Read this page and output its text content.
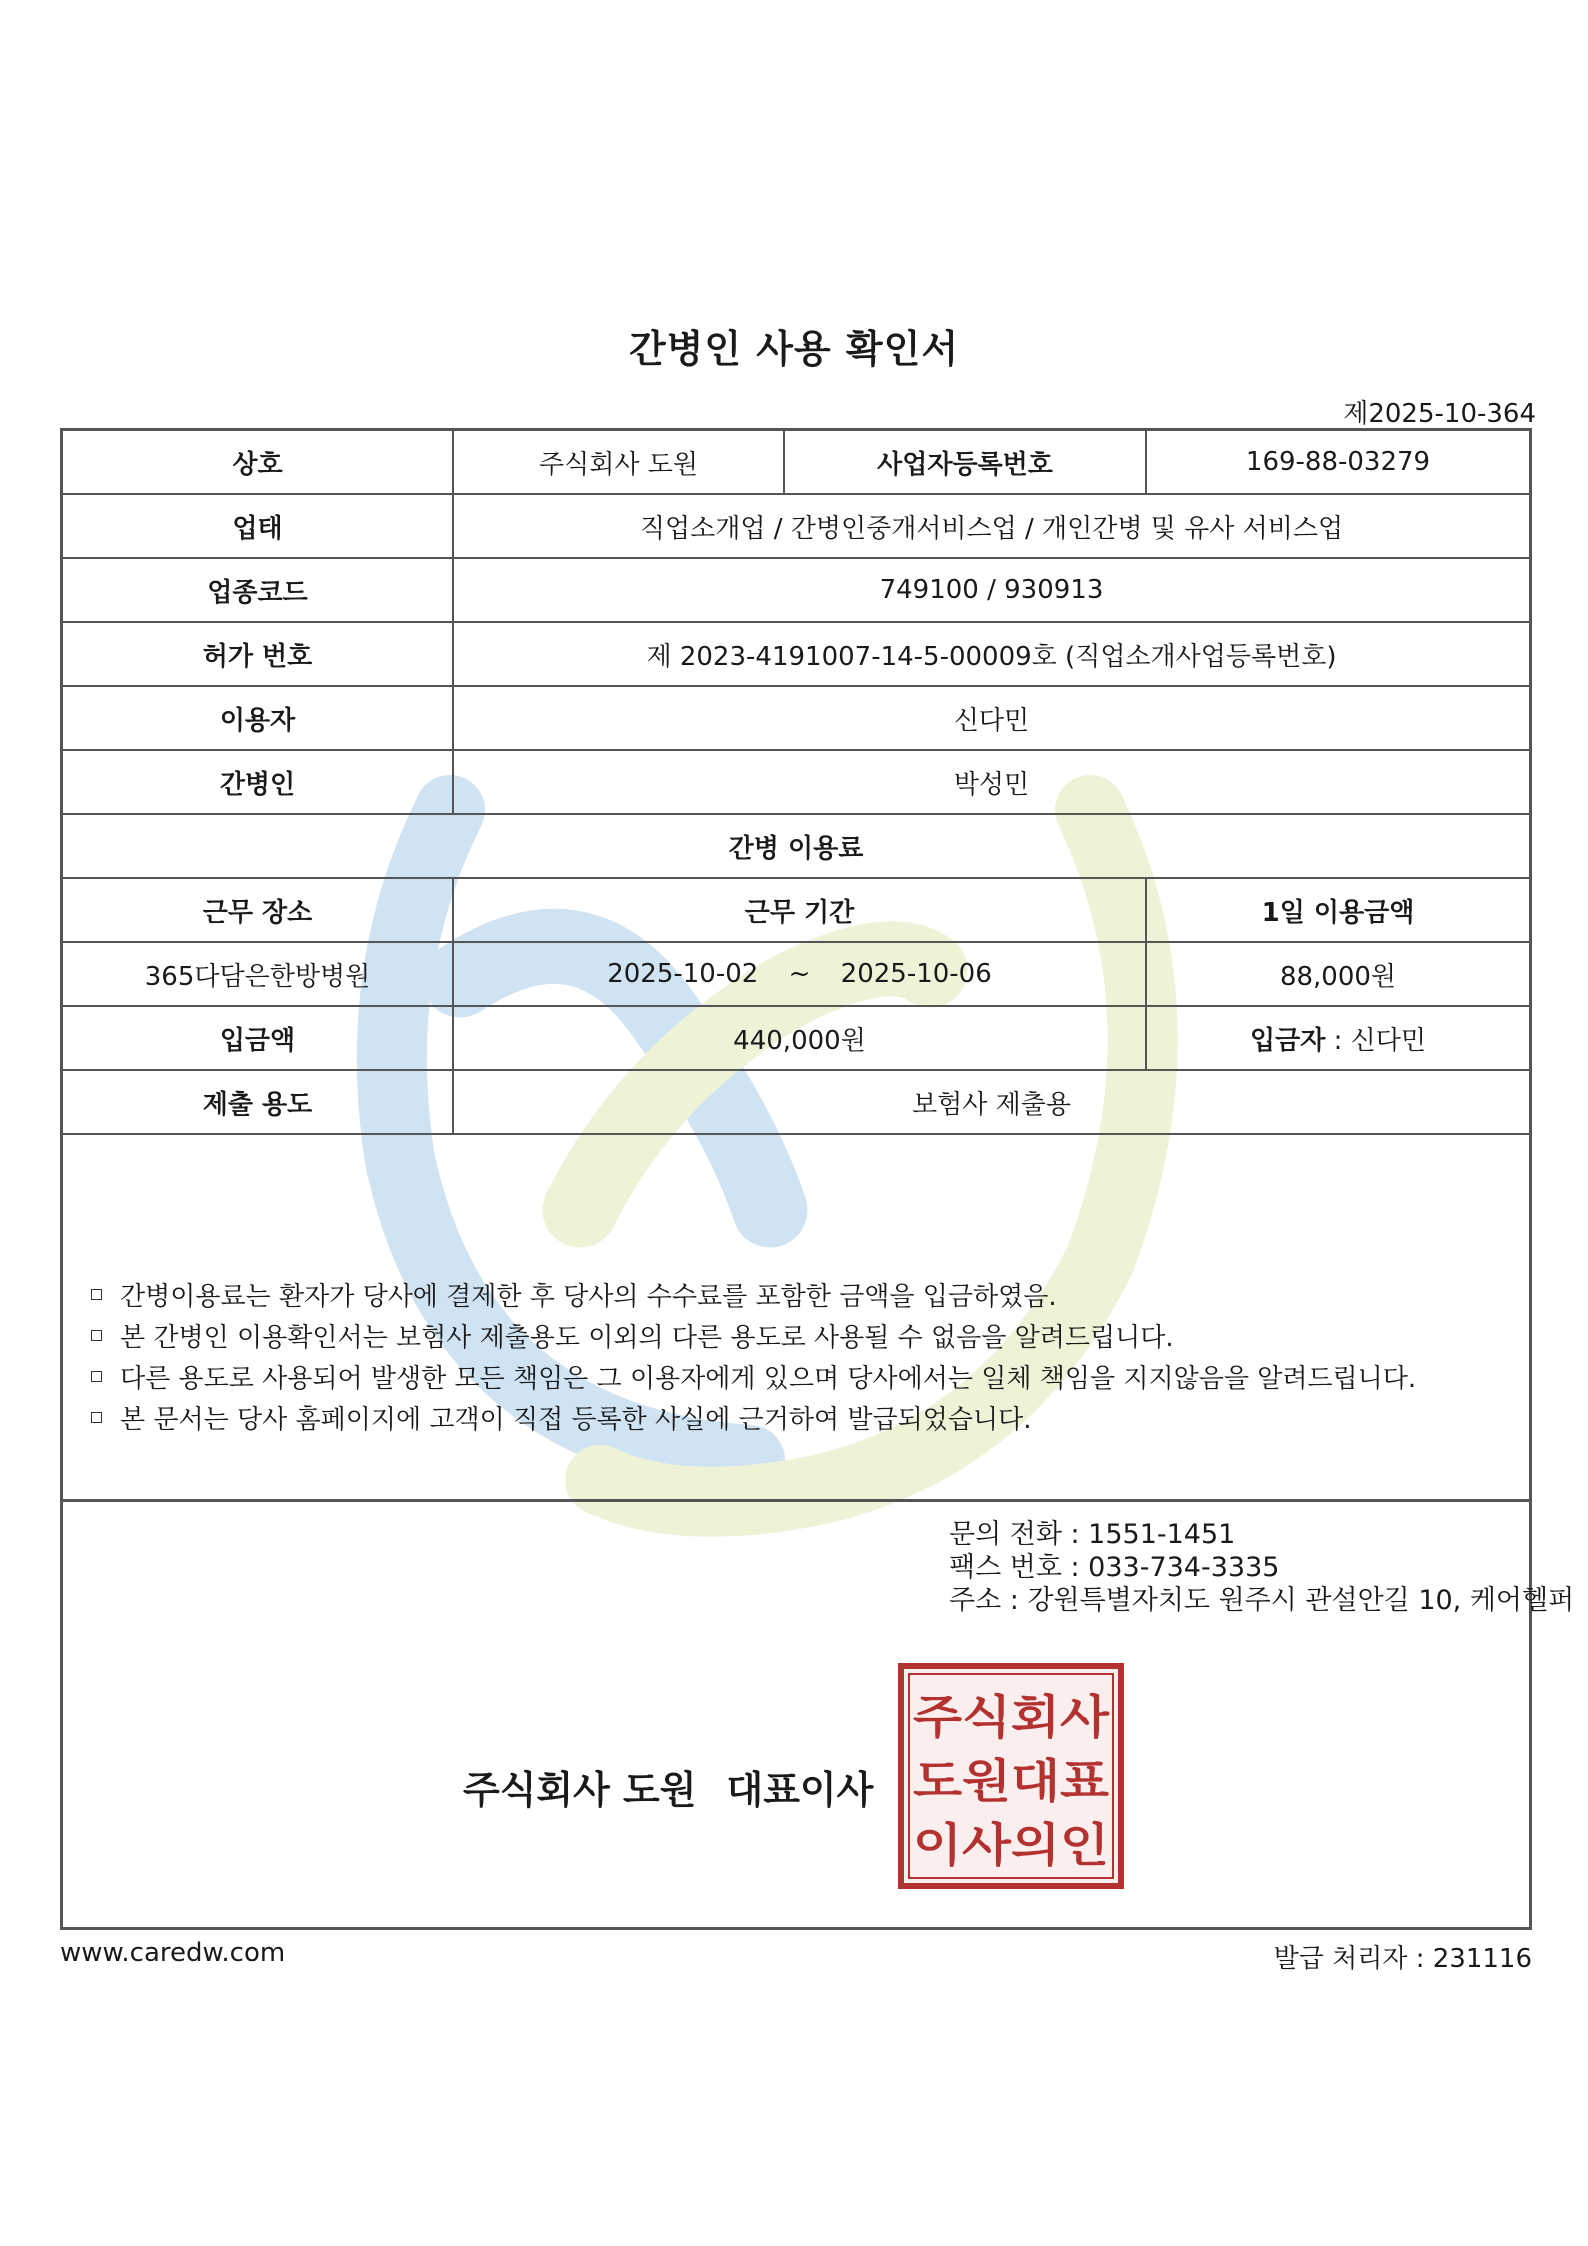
간병인 사용 확인서
제2025-10-364
상호	주식회사 도원	사업자등록번호	169-88-03279
업태	직업소개업 / 간병인중개서비스업 / 개인간병 및 유사 서비스업		
업종코드	749100 / 930913		
허가 번호	제 2023-4191007-14-5-00009호 (직업소개사업등록번호)		
이용자	신다민		
간병인	박성민		
간병 이용료			
근무 장소	근무 기간		1일 이용금액
365다담은한방병원	2025-10-02 ~ 2025-10-06		88,000원
입금액	440,000원		입금자 : 신다민
제출 용도	보험사 제출용		
간병이용료는 환자가 당사에 결제한 후 당사의 수수료를 포함한 금액을 입금하였음.
본 간병인 이용확인서는 보험사 제출용도 이외의 다른 용도로 사용될 수 없음을 알려드립니다.
다른 용도로 사용되어 발생한 모든 책임은 그 이용자에게 있으며 당사에서는 일체 책임을 지지않음을 알려드립니다.
본 문서는 당사 홈페이지에 고객이 직접 등록한 사실에 근거하여 발급되었습니다.
문의 전화 : 1551-1451
팩스 번호 : 033-734-3335
주소 : 강원특별자치도 원주시 관설안길 10, 케어헬퍼
주식회사 도원 대표이사
주식회사
도원대표
이사의인
www.caredw.com	발급 처리자 : 231116
